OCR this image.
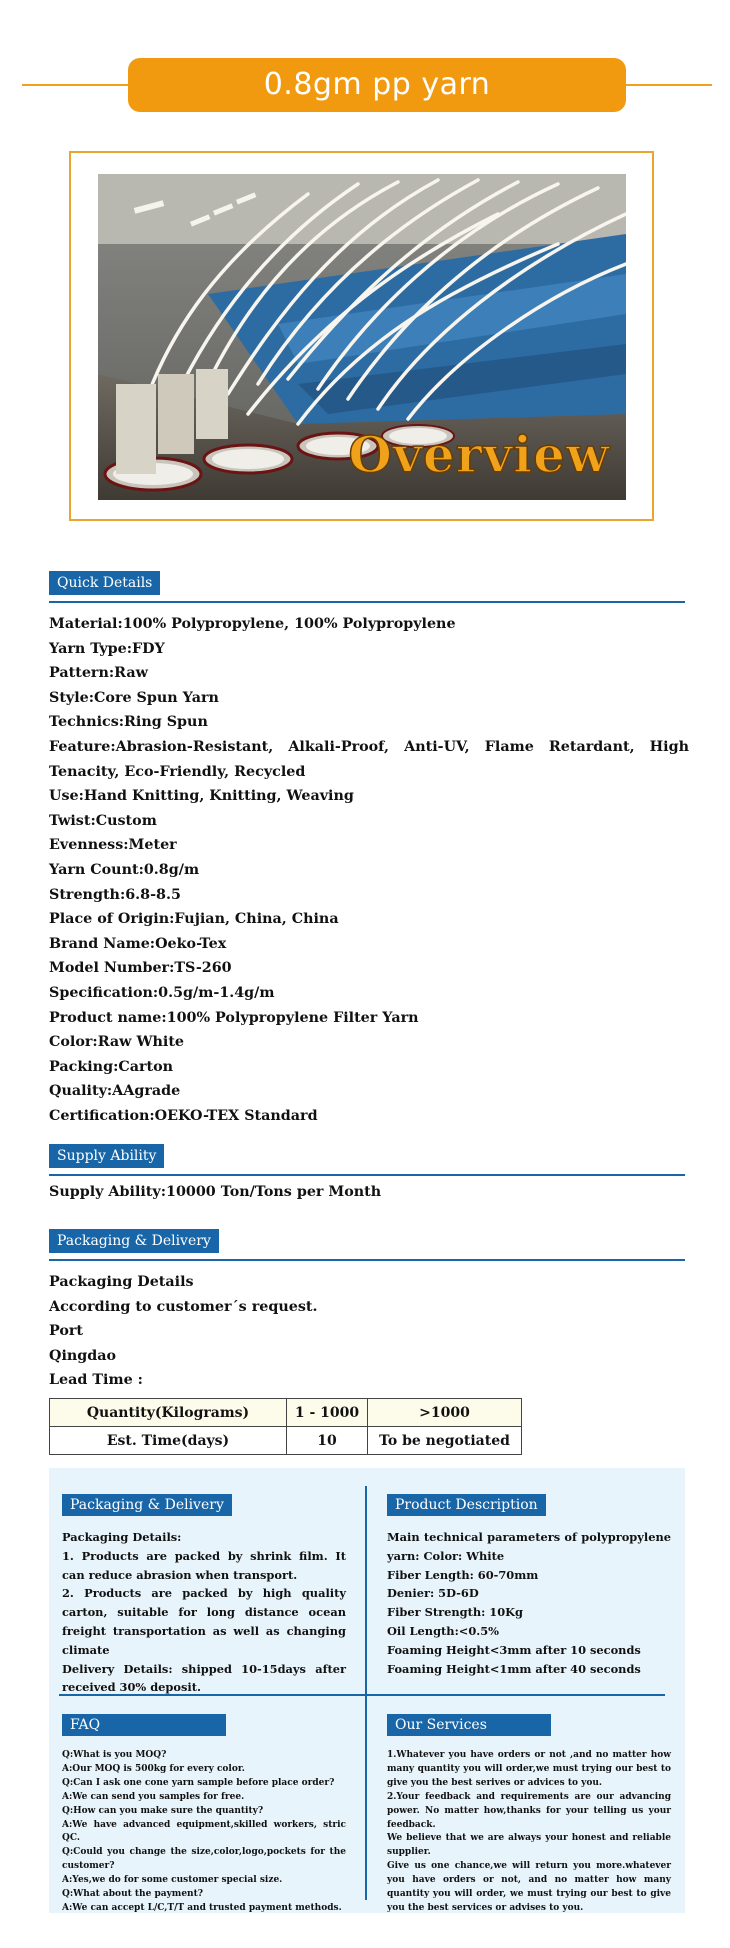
0.8gm pp yarn
Overview
Quick Details
Material:100% Polypropylene, 100% Polypropylene
Yarn Type:FDY
Pattern:Raw
Style:Core Spun Yarn
Technics:Ring Spun
Feature:Abrasion-Resistant, Alkali-Proof, Anti-UV, Flame Retardant, High Tenacity, Eco-Friendly, Recycled
Use:Hand Knitting, Knitting, Weaving
Twist:Custom
Evenness:Meter
Yarn Count:0.8g/m
Strength:6.8-8.5
Place of Origin:Fujian, China, China
Brand Name:Oeko-Tex
Model Number:TS-260
Specification:0.5g/m-1.4g/m
Product name:100% Polypropylene Filter Yarn
Color:Raw White
Packing:Carton
Quality:AAgrade
Certification:OEKO-TEX Standard
Supply Ability
Supply Ability:10000 Ton/Tons per Month
Packaging & Delivery
Packaging Details
According to customer´s request.
Port
Qingdao
Lead Time :
Quantity(Kilograms)	1 - 1000	>1000
Est. Time(days)	10	To be negotiated
Packaging & Delivery
Packaging Details:
1. Products are packed by shrink film. It can reduce abrasion when transport.
2. Products are packed by high quality carton, suitable for long distance ocean freight transportation as well as changing climate
Delivery Details: shipped 10-15days after received 30% deposit.
Product Description
Main technical parameters of polypropylene yarn: Color: White
Fiber Length: 60-70mm
Denier: 5D-6D
Fiber Strength: 10Kg
Oil Length:<0.5%
Foaming Height<3mm after 10 seconds
Foaming Height<1mm after 40 seconds
FAQ
Q:What is you MOQ?
A:Our MOQ is 500kg for every color.
Q:Can I ask one cone yarn sample before place order?
A:We can send you samples for free.
Q:How can you make sure the quantity?
A:We have advanced equipment,skilled workers, stric QC.
Q:Could you change the size,color,logo,pockets for the customer?
A:Yes,we do for some customer special size.
Q:What about the payment?
A:We can accept L/C,T/T and trusted payment methods.
Our Services
1.Whatever you have orders or not ,and no matter how many quantity you will order,we must trying our best to give you the best serives or advices to you.
2.Your feedback and requirements are our advancing power. No matter how,thanks for your telling us your feedback.
We believe that we are always your honest and reliable supplier.
Give us one chance,we will return you more.whatever you have orders or not, and no matter how many quantity you will order, we must trying our best to give you the best services or advises to you.
